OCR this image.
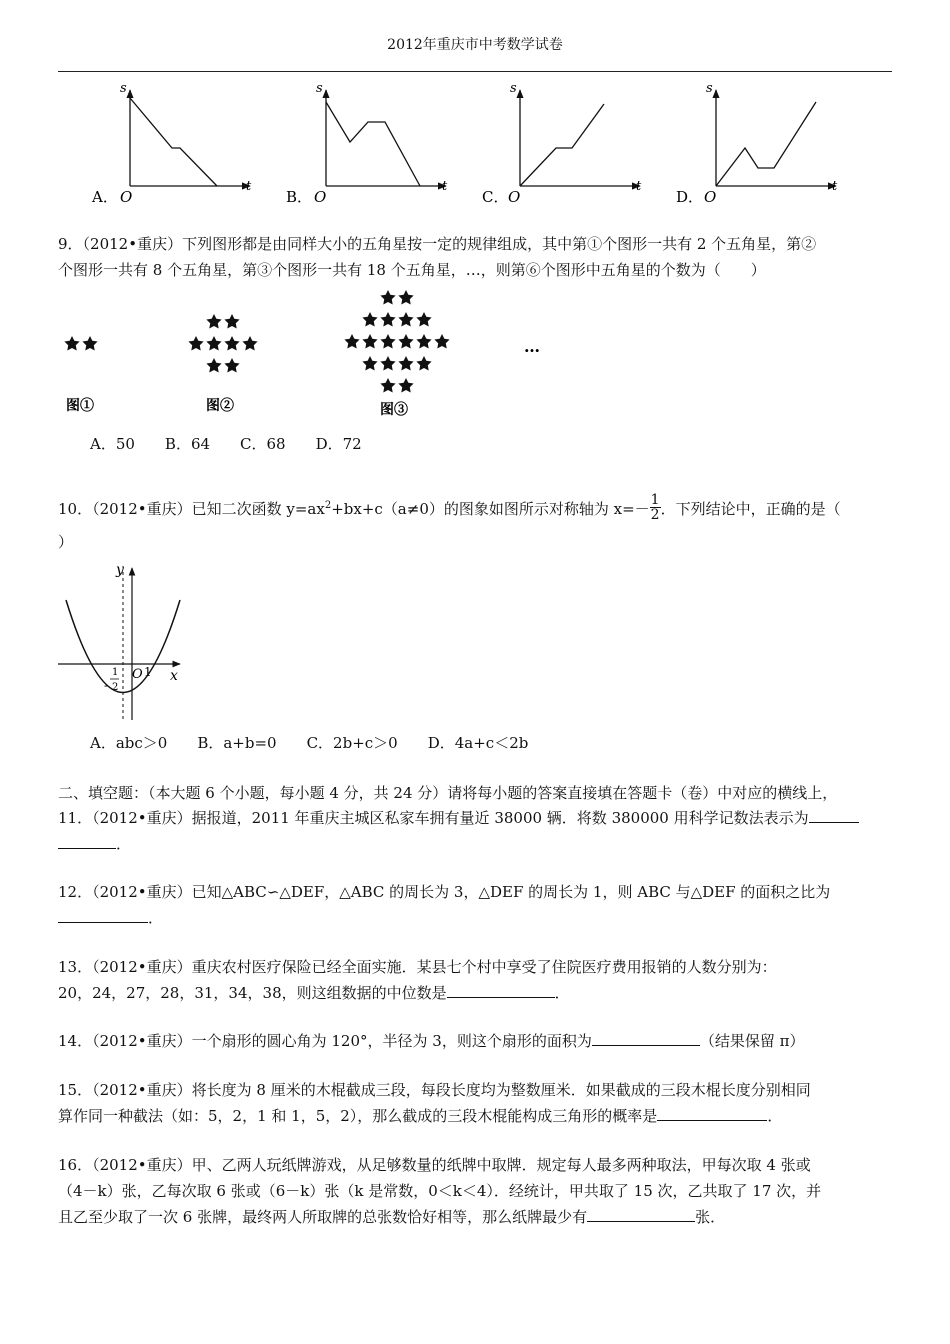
2012年重庆市中考数学试卷
s
O
t
A．
s
O
t
B．
s
O
t
C．
s
O
t
D．
9．（2012•重庆）下列图形都是由同样大小的五角星按一定的规律组成，其中第①个图形一共有 2 个五角星，第②
个图形一共有 8 个五角星，第③个图形一共有 18 个五角星，…，则第⑥个图形中五角星的个数为（　　）
图①	图②	图③
…
A．50　　B．64　　C．68　　D．72
10．（2012•重庆）已知二次函数 $y=ax^2+bx+c(a\ne 0)$的图象如图所示对称轴为 $x=- \frac{1}{2}$ ．下列结论中，正确的是（
）
y
x
O 1
-
1
2
A．abc＞0　　B．a+b=0　　C．2b+c＞0　　D．4a+c＜2b
二、填空题：（本大题 6 个小题，每小题 4 分，共 24 分）请将每小题的答案直接填在答题卡（卷）中对应的横线上，
11．（2012•重庆）据报道，2011 年重庆主城区私家车拥有量近 38000 辆．将数 380000 用科学记数法表示为
．
12．（2012•重庆）已知△ABC∽△DEF，△ABC 的周长为 3，△DEF 的周长为 1，则 ABC 与△DEF 的面积之比为
．
13．（2012•重庆）重庆农村医疗保险已经全面实施．某县七个村中享受了住院医疗费用报销的人数分别为：
20，24，27，28，31，34，38，则这组数据的中位数是	．
14．（2012•重庆）一个扇形的圆心角为 120°，半径为 3，则这个扇形的面积为	（结果保留 π）
15．（2012•重庆）将长度为 8 厘米的木棍截成三段，每段长度均为整数厘米．如果截成的三段木棍长度分别相同
算作同一种截法（如：5，2，1 和 1，5，2），那么截成的三段木棍能构成三角形的概率是	．
16．（2012•重庆）甲、乙两人玩纸牌游戏，从足够数量的纸牌中取牌．规定每人最多两种取法，甲每次取 4 张或
（4－k）张，乙每次取 6 张或（6－k）张（k 是常数，0＜k＜4）．经统计，甲共取了 15 次，乙共取了 17 次，并
且乙至少取了一次 6 张牌，最终两人所取牌的总张数恰好相等，那么纸牌最少有	张．
